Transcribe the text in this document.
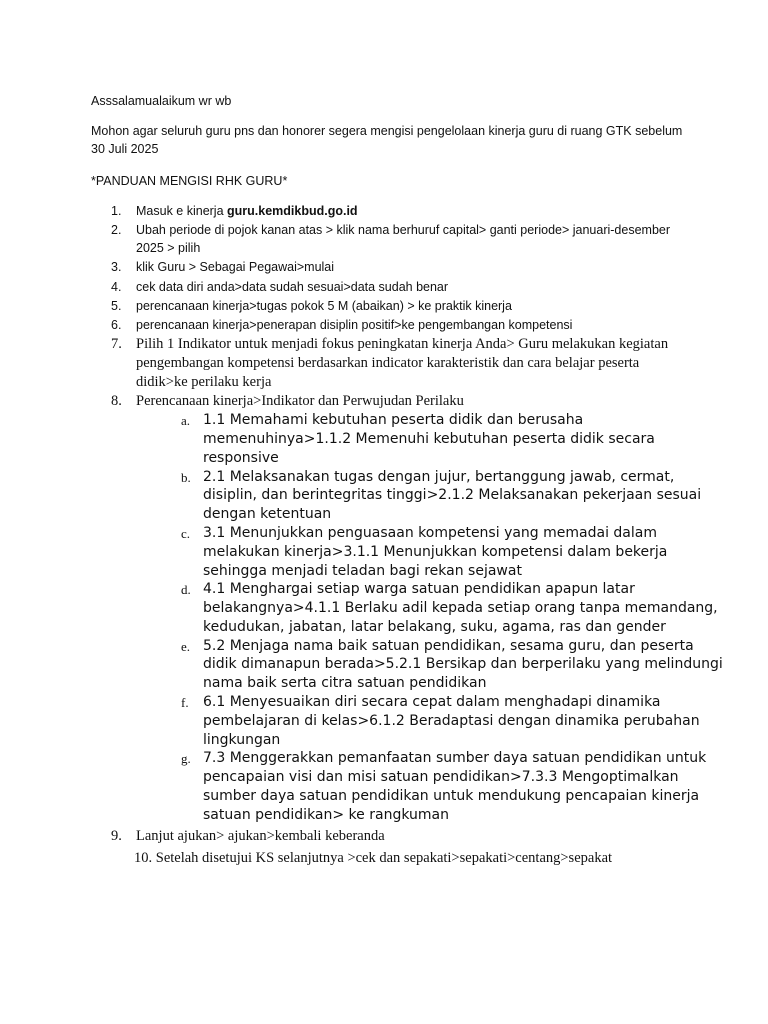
Asssalamualaikum wr wb

Mohon agar seluruh guru pns dan honorer segera mengisi pengelolaan kinerja guru di ruang GTK sebelum 30 Juli 2025

*PANDUAN MENGISI RHK GURU*

1. Masuk e kinerja guru.kemdikbud.go.id
2. Ubah periode di pojok kanan atas > klik nama berhuruf capital> ganti periode> januari-desember 2025 > pilih
3. klik Guru > Sebagai Pegawai>mulai
4. cek data diri anda>data sudah sesuai>data sudah benar
5. perencanaan kinerja>tugas pokok 5 M (abaikan) > ke praktik kinerja
6. perencanaan kinerja>penerapan disiplin positif>ke pengembangan kompetensi
7. Pilih 1 Indikator untuk menjadi fokus peningkatan kinerja Anda> Guru melakukan kegiatan pengembangan kompetensi berdasarkan indicator karakteristik dan cara belajar peserta didik>ke perilaku kerja
8. Perencanaan kinerja>Indikator dan Perwujudan Perilaku
a. 1.1 Memahami kebutuhan peserta didik dan berusaha memenuhinya>1.1.2 Memenuhi kebutuhan peserta didik secara responsive
b. 2.1 Melaksanakan tugas dengan jujur, bertanggung jawab, cermat, disiplin, dan berintegritas tinggi>2.1.2 Melaksanakan pekerjaan sesuai dengan ketentuan
c. 3.1 Menunjukkan penguasaan kompetensi yang memadai dalam melakukan kinerja>3.1.1 Menunjukkan kompetensi dalam bekerja sehingga menjadi teladan bagi rekan sejawat
d. 4.1 Menghargai setiap warga satuan pendidikan apapun latar belakangnya>4.1.1 Berlaku adil kepada setiap orang tanpa memandang, kedudukan, jabatan, latar belakang, suku, agama, ras dan gender
e. 5.2 Menjaga nama baik satuan pendidikan, sesama guru, dan peserta didik dimanapun berada>5.2.1 Bersikap dan berperilaku yang melindungi nama baik serta citra satuan pendidikan
f. 6.1 Menyesuaikan diri secara cepat dalam menghadapi dinamika pembelajaran di kelas>6.1.2 Beradaptasi dengan dinamika perubahan lingkungan
g. 7.3 Menggerakkan pemanfaatan sumber daya satuan pendidikan untuk pencapaian visi dan misi satuan pendidikan>7.3.3 Mengoptimalkan sumber daya satuan pendidikan untuk mendukung pencapaian kinerja satuan pendidikan> ke rangkuman
9. Lanjut ajukan> ajukan>kembali keberanda
10. Setelah disetujui KS selanjutnya >cek dan sepakati>sepakati>centang>sepakat
